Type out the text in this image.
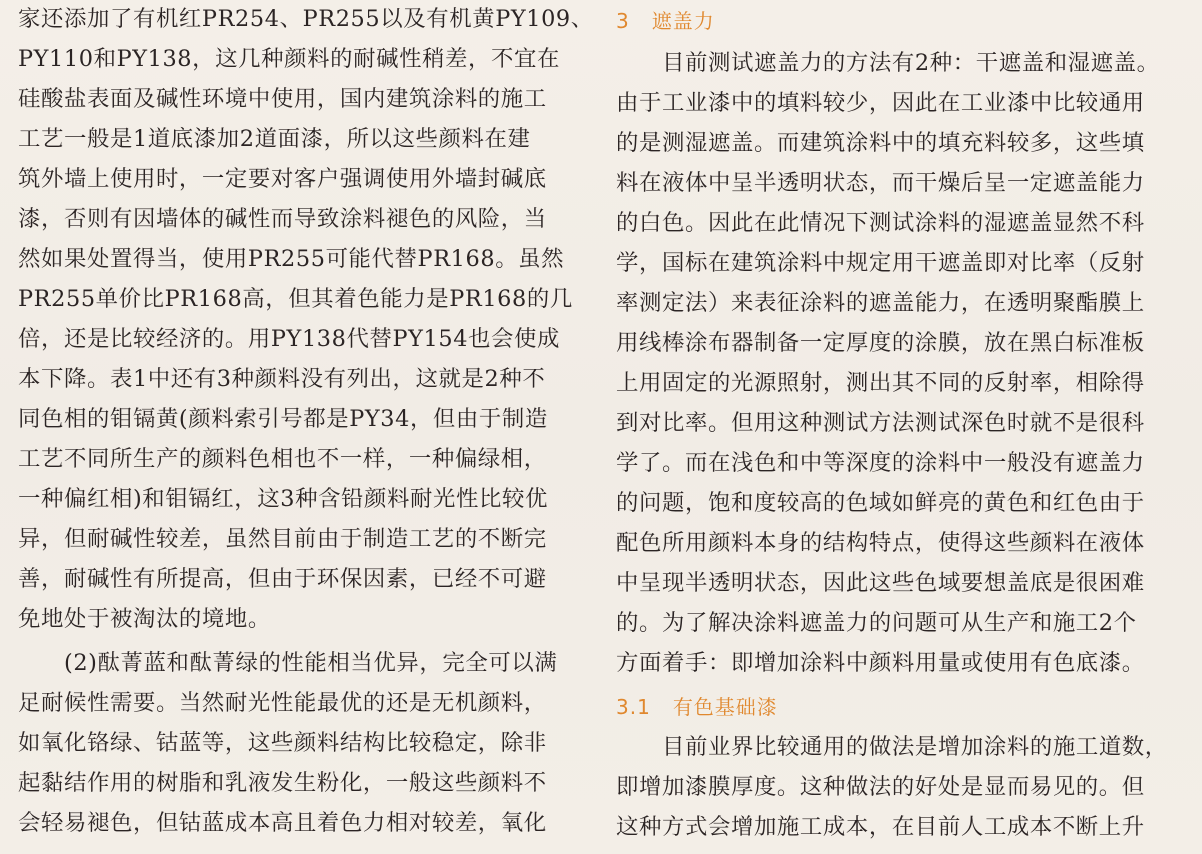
家还添加了有机红PR254、PR255以及有机黄PY109、
PY110和PY138，这几种颜料的耐碱性稍差，不宜在
硅酸盐表面及碱性环境中使用，国内建筑涂料的施工
工艺一般是1道底漆加2道面漆，所以这些颜料在建
筑外墙上使用时，一定要对客户强调使用外墙封碱底
漆，否则有因墙体的碱性而导致涂料褪色的风险，当
然如果处置得当，使用PR255可能代替PR168。虽然
PR255单价比PR168高，但其着色能力是PR168的几
倍，还是比较经济的。用PY138代替PY154也会使成
本下降。表1中还有3种颜料没有列出，这就是2种不
同色相的钼镉黄(颜料索引号都是PY34，但由于制造
工艺不同所生产的颜料色相也不一样，一种偏绿相，
一种偏红相)和钼镉红，这3种含铅颜料耐光性比较优
异，但耐碱性较差，虽然目前由于制造工艺的不断完
善，耐碱性有所提高，但由于环保因素，已经不可避
免地处于被淘汰的境地。
(2)酞菁蓝和酞菁绿的性能相当优异，完全可以满
足耐候性需要。当然耐光性能最优的还是无机颜料，
如氧化铬绿、钴蓝等，这些颜料结构比较稳定，除非
起黏结作用的树脂和乳液发生粉化，一般这些颜料不
会轻易褪色，但钴蓝成本高且着色力相对较差，氧化
3 遮盖力
目前测试遮盖力的方法有2种：干遮盖和湿遮盖。
由于工业漆中的填料较少，因此在工业漆中比较通用
的是测湿遮盖。而建筑涂料中的填充料较多，这些填
料在液体中呈半透明状态，而干燥后呈一定遮盖能力
的白色。因此在此情况下测试涂料的湿遮盖显然不科
学，国标在建筑涂料中规定用干遮盖即对比率（反射
率测定法）来表征涂料的遮盖能力，在透明聚酯膜上
用线棒涂布器制备一定厚度的涂膜，放在黑白标准板
上用固定的光源照射，测出其不同的反射率，相除得
到对比率。但用这种测试方法测试深色时就不是很科
学了。而在浅色和中等深度的涂料中一般没有遮盖力
的问题，饱和度较高的色域如鲜亮的黄色和红色由于
配色所用颜料本身的结构特点，使得这些颜料在液体
中呈现半透明状态，因此这些色域要想盖底是很困难
的。为了解决涂料遮盖力的问题可从生产和施工2个
方面着手：即增加涂料中颜料用量或使用有色底漆。
3.1 有色基础漆
目前业界比较通用的做法是增加涂料的施工道数，
即增加漆膜厚度。这种做法的好处是显而易见的。但
这种方式会增加施工成本，在目前人工成本不断上升
